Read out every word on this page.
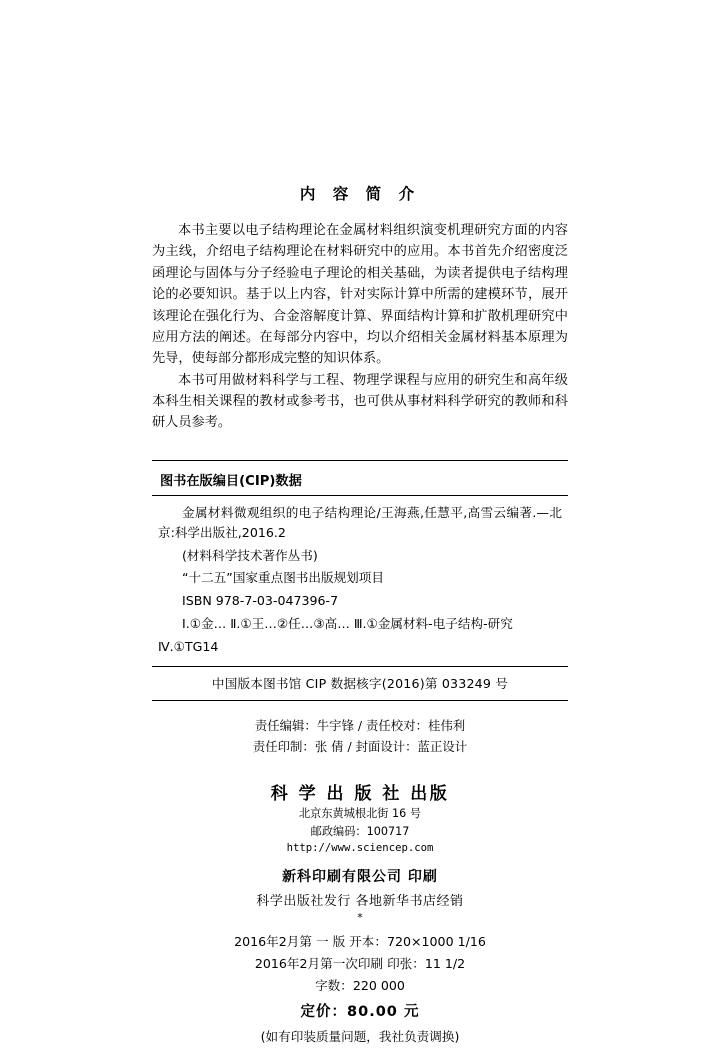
内 容 简 介

本书主要以电子结构理论在金属材料组织演变机理研究方面的内容为主线，介绍电子结构理论在材料研究中的应用。本书首先介绍密度泛函理论与固体与分子经验电子理论的相关基础，为读者提供电子结构理论的必要知识。基于以上内容，针对实际计算中所需的建模环节，展开该理论在强化行为、合金溶解度计算、界面结构计算和扩散机理研究中应用方法的阐述。在每部分内容中，均以介绍相关金属材料基本原理为先导，使每部分都形成完整的知识体系。

本书可用做材料科学与工程、物理学课程与应用的研究生和高年级本科生相关课程的教材或参考书，也可供从事材料科学研究的教师和科研人员参考。

图书在版编目(CIP)数据

金属材料微观组织的电子结构理论/王海燕,任慧平,高雪云编著.—北京:科学出版社,2016.2

(材料科学技术著作丛书)

“十二五”国家重点图书出版规划项目

ISBN 978-7-03-047396-7

Ⅰ.①金… Ⅱ.①王…②任…③高… Ⅲ.①金属材料-电子结构-研究

Ⅳ.①TG14

中国版本图书馆 CIP 数据核字(2016)第 033249 号
责任编辑：牛宇锋 / 责任校对：桂伟利
责任印制：张 倩 / 封面设计：蓝正设计
科 学 出 版 社 出版
北京东黄城根北街 16 号
邮政编码：100717
http://www.sciencep.com
新科印刷有限公司 印刷
科学出版社发行 各地新华书店经销
*
2016年2月第 一 版 开本：720×1000 1/16
2016年2月第一次印刷 印张：11 1/2
字数：220 000
定价：80.00 元
(如有印装质量问题，我社负责调换)
